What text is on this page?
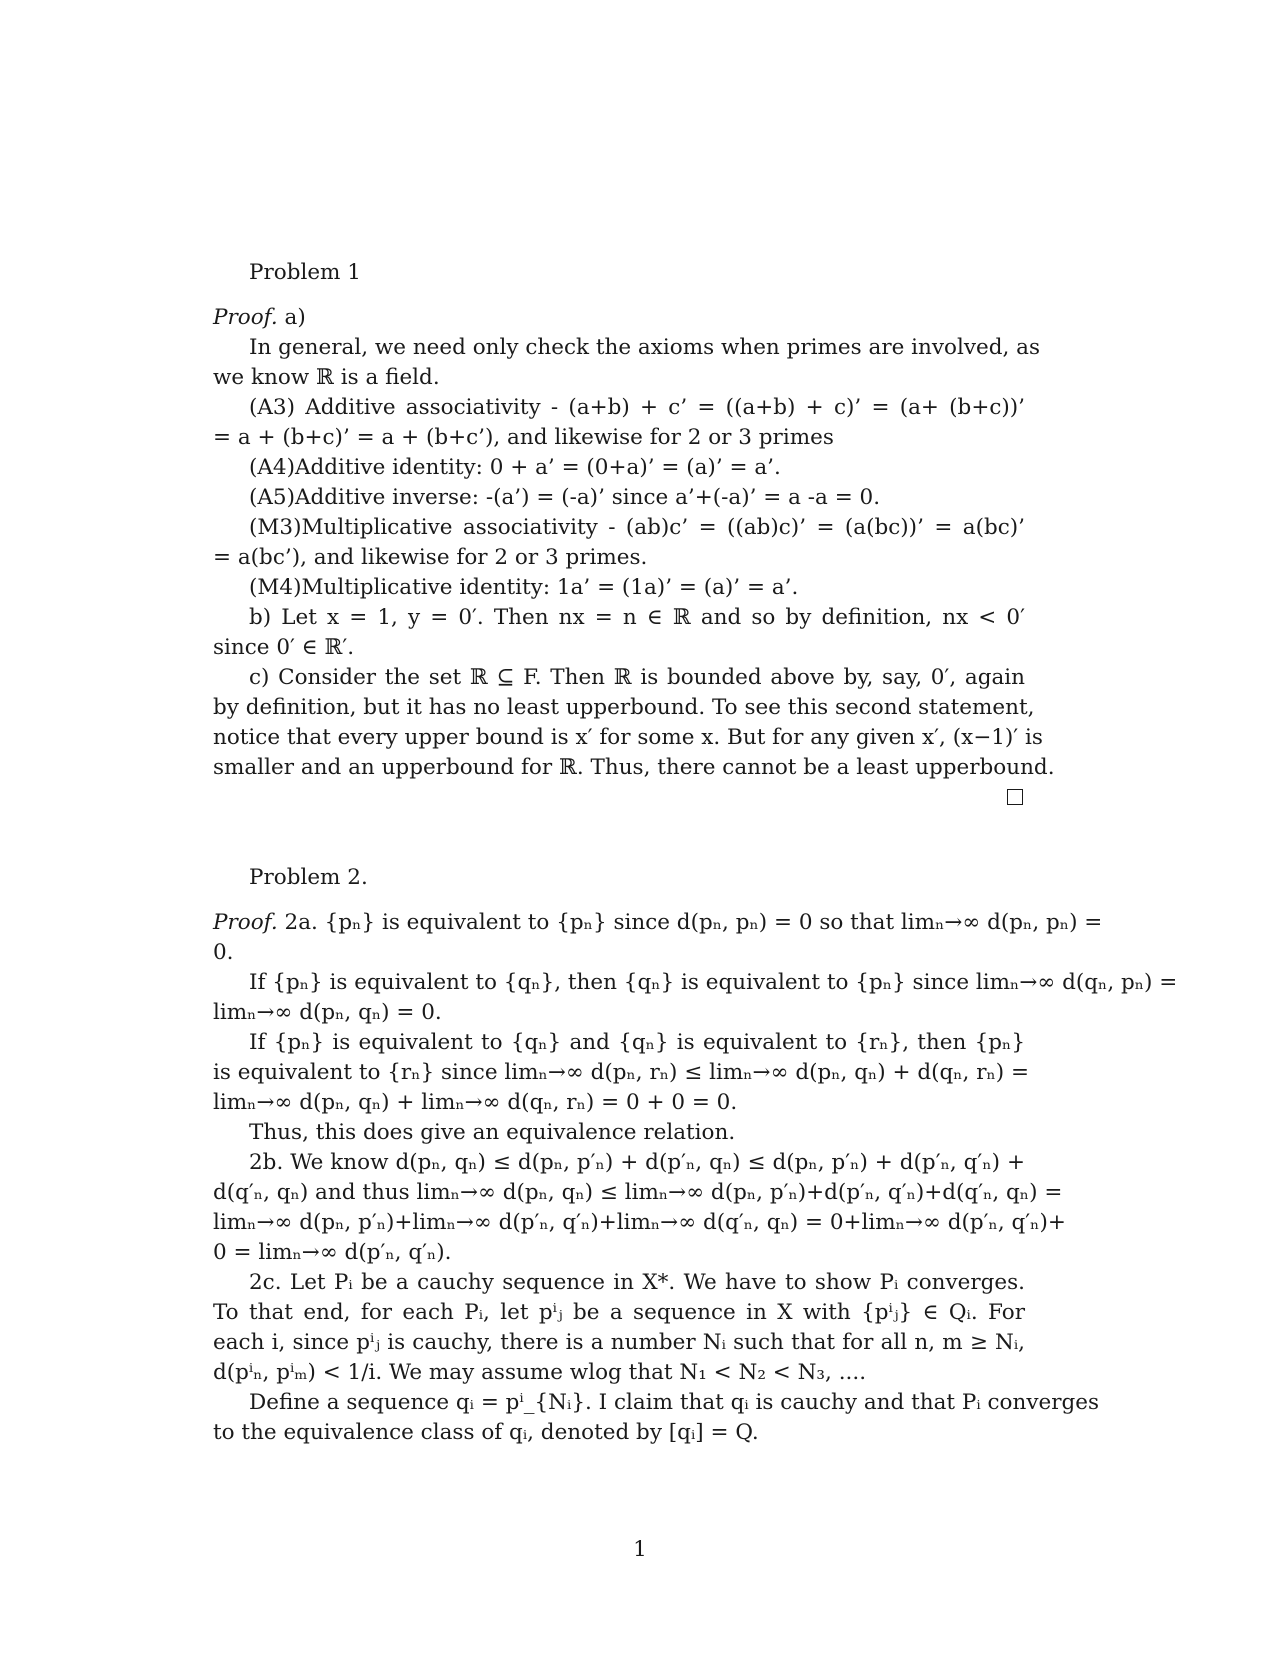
Problem 1
Proof. a)
In general, we need only check the axioms when primes are involved, as
we know ℝ is a field.
(A3) Additive associativity - (a+b) + c’ = ((a+b) + c)’ = (a+ (b+c))’
= a + (b+c)’ = a + (b+c’), and likewise for 2 or 3 primes
(A4)Additive identity: 0 + a’ = (0+a)’ = (a)’ = a’.
(A5)Additive inverse: -(a’) = (-a)’ since a’+(-a)’ = a -a = 0.
(M3)Multiplicative associativity - (ab)c’ = ((ab)c)’ = (a(bc))’ = a(bc)’
= a(bc’), and likewise for 2 or 3 primes.
(M4)Multiplicative identity: 1a’ = (1a)’ = (a)’ = a’.
b) Let x = 1, y = 0′. Then nx = n ∈ ℝ and so by definition, nx < 0′
since 0′ ∈ ℝ′.
c) Consider the set ℝ ⊆ F. Then ℝ is bounded above by, say, 0′, again
by definition, but it has no least upperbound. To see this second statement,
notice that every upper bound is x′ for some x. But for any given x′, (x−1)′ is
smaller and an upperbound for ℝ. Thus, there cannot be a least upperbound.
Problem 2.
Proof. 2a. {pₙ} is equivalent to {pₙ} since d(pₙ, pₙ) = 0 so that limₙ→∞ d(pₙ, pₙ) =
0.
If {pₙ} is equivalent to {qₙ}, then {qₙ} is equivalent to {pₙ} since limₙ→∞ d(qₙ, pₙ) =
limₙ→∞ d(pₙ, qₙ) = 0.
If {pₙ} is equivalent to {qₙ} and {qₙ} is equivalent to {rₙ}, then {pₙ}
is equivalent to {rₙ} since limₙ→∞ d(pₙ, rₙ) ≤ limₙ→∞ d(pₙ, qₙ) + d(qₙ, rₙ) =
limₙ→∞ d(pₙ, qₙ) + limₙ→∞ d(qₙ, rₙ) = 0 + 0 = 0.
Thus, this does give an equivalence relation.
2b. We know d(pₙ, qₙ) ≤ d(pₙ, p′ₙ) + d(p′ₙ, qₙ) ≤ d(pₙ, p′ₙ) + d(p′ₙ, q′ₙ) +
d(q′ₙ, qₙ) and thus limₙ→∞ d(pₙ, qₙ) ≤ limₙ→∞ d(pₙ, p′ₙ)+d(p′ₙ, q′ₙ)+d(q′ₙ, qₙ) =
limₙ→∞ d(pₙ, p′ₙ)+limₙ→∞ d(p′ₙ, q′ₙ)+limₙ→∞ d(q′ₙ, qₙ) = 0+limₙ→∞ d(p′ₙ, q′ₙ)+
0 = limₙ→∞ d(p′ₙ, q′ₙ).
2c. Let Pᵢ be a cauchy sequence in X*. We have to show Pᵢ converges.
To that end, for each Pᵢ, let pⁱⱼ be a sequence in X with {pⁱⱼ} ∈ Qᵢ. For
each i, since pⁱⱼ is cauchy, there is a number Nᵢ such that for all n, m ≥ Nᵢ,
d(pⁱₙ, pⁱₘ) < 1/i. We may assume wlog that N₁ < N₂ < N₃, ....
Define a sequence qᵢ = pⁱ_{Nᵢ}. I claim that qᵢ is cauchy and that Pᵢ converges
to the equivalence class of qᵢ, denoted by [qᵢ] = Q.
1
